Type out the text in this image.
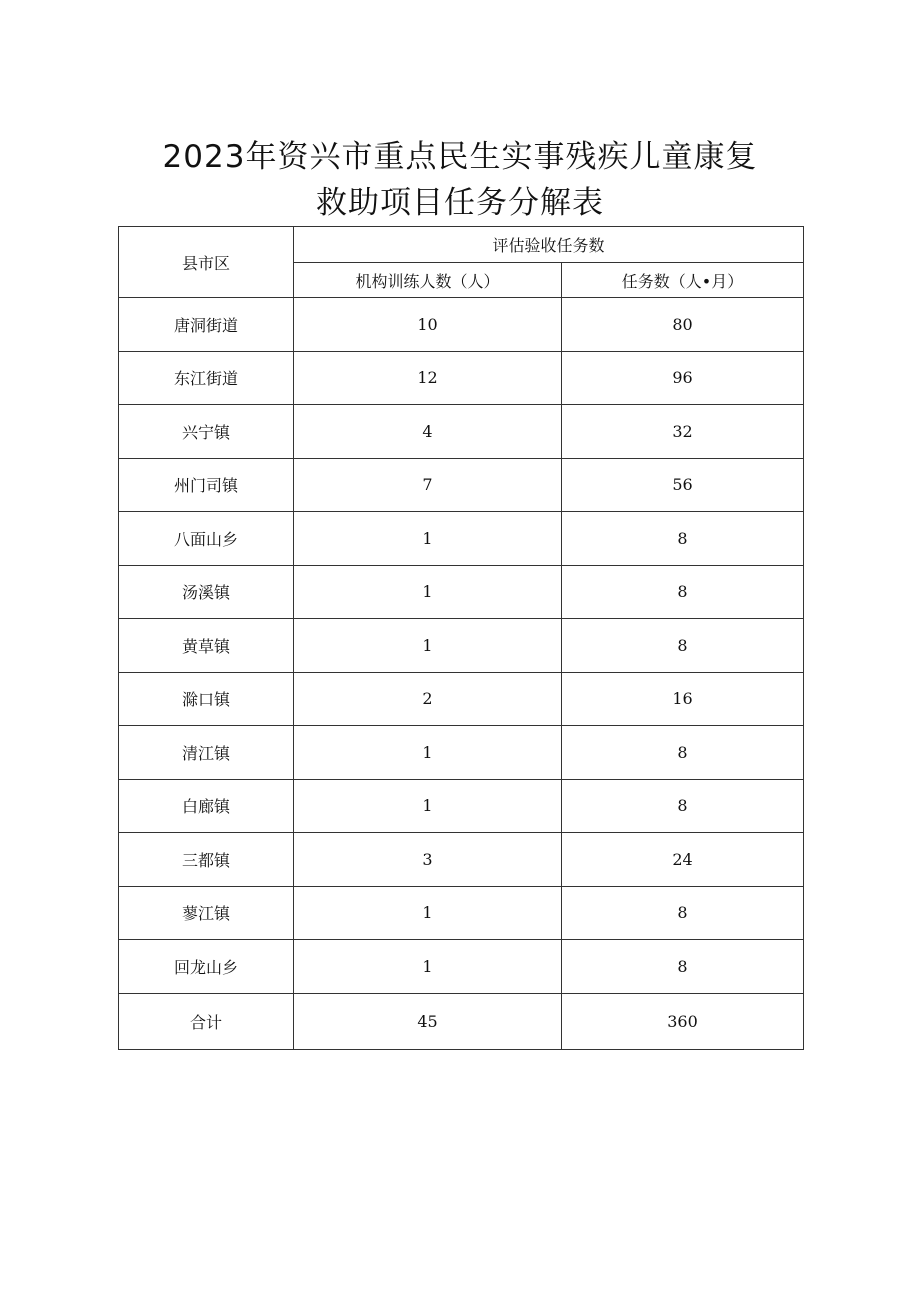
2023年资兴市重点民生实事残疾儿童康复
救助项目任务分解表
县市区	评估验收任务数	
	机构训练人数（人）	任务数（人•月）
唐洞街道	10	80
东江街道	12	96
兴宁镇	4	32
州门司镇	7	56
八面山乡	1	8
汤溪镇	1	8
黄草镇	1	8
滁口镇	2	16
清江镇	1	8
白廊镇	1	8
三都镇	3	24
蓼江镇	1	8
回龙山乡	1	8
合计	45	360
